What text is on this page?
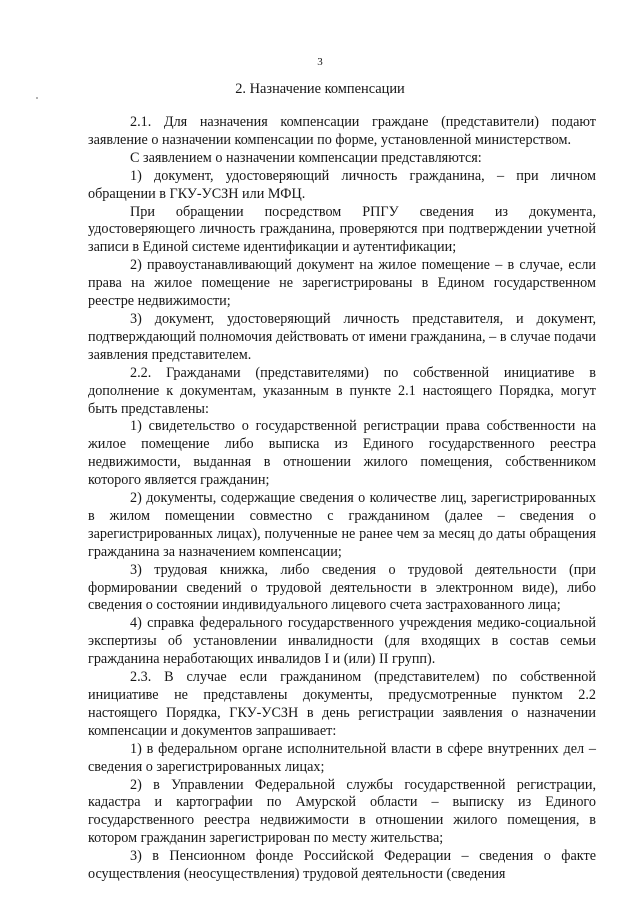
3
2. Назначение компенсации

2.1. Для назначения компенсации граждане (представители) подают заявление о назначении компенсации по форме, установленной министерством.

С заявлением о назначении компенсации представляются:

1) документ, удостоверяющий личность гражданина, – при личном обращении в ГКУ-УСЗН или МФЦ.

При обращении посредством РПГУ сведения из документа, удостоверяющего личность гражданина, проверяются при подтверждении учетной записи в Единой системе идентификации и аутентификации;

2) правоустанавливающий документ на жилое помещение – в случае, если права на жилое помещение не зарегистрированы в Едином государственном реестре недвижимости;

3) документ, удостоверяющий личность представителя, и документ, подтверждающий полномочия действовать от имени гражданина, – в случае подачи заявления представителем.

2.2. Гражданами (представителями) по собственной инициативе в дополнение к документам, указанным в пункте 2.1 настоящего Порядка, могут быть представлены:

1) свидетельство о государственной регистрации права собственности на жилое помещение либо выписка из Единого государственного реестра недвижимости, выданная в отношении жилого помещения, собственником которого является гражданин;

2) документы, содержащие сведения о количестве лиц, зарегистрированных в жилом помещении совместно с гражданином (далее – сведения о зарегистрированных лицах), полученные не ранее чем за месяц до даты обращения гражданина за назначением компенсации;

3) трудовая книжка, либо сведения о трудовой деятельности (при формировании сведений о трудовой деятельности в электронном виде), либо сведения о состоянии индивидуального лицевого счета застрахованного лица;

4) справка федерального государственного учреждения медико-социальной экспертизы об установлении инвалидности (для входящих в состав семьи гражданина неработающих инвалидов I и (или) II групп).

2.3. В случае если гражданином (представителем) по собственной инициативе не представлены документы, предусмотренные пунктом 2.2 настоящего Порядка, ГКУ-УСЗН в день регистрации заявления о назначении компенсации и документов запрашивает:

1) в федеральном органе исполнительной власти в сфере внутренних дел – сведения о зарегистрированных лицах;

2) в Управлении Федеральной службы государственной регистрации, кадастра и картографии по Амурской области – выписку из Единого государственного реестра недвижимости в отношении жилого помещения, в котором гражданин зарегистрирован по месту жительства;

3) в Пенсионном фонде Российской Федерации – сведения о факте осуществления (неосуществления) трудовой деятельности (сведения
